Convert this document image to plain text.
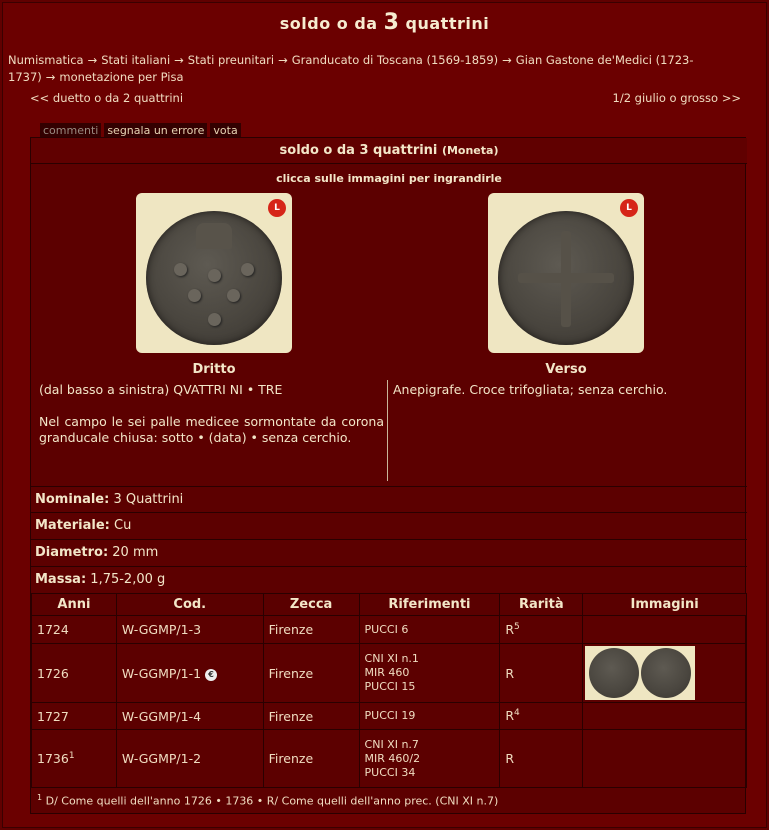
soldo o da 3 quattrini
Numismatica → Stati italiani → Stati preunitari → Granducato di Toscana (1569-1859) → Gian Gastone de'Medici (1723-1737) → monetazione per Pisa
<< duetto o da 2 quattrini	1/2 giulio o grosso >>
commenti segnala un errore vota
soldo o da 3 quattrini (Moneta)
clicca sulle immagini per ingrandirle
L	L
Dritto	Verso

(dal basso a sinistra) QVATTRI NI • TRE

Nel campo le sei palle medicee sormontate da corona granducale chiusa: sotto • (data) • senza cerchio.

Anepigrafe. Croce trifogliata; senza cerchio.
Nominale: 3 Quattrini
Materiale: Cu
Diametro: 20 mm
Massa: 1,75-2,00 g
Anni	Cod.	Zecca	Riferimenti	Rarità	Immagini
1724	W-GGMP/1-3	Firenze	PUCCI 6	$R^5$	
1726	W-GGMP/1-1 €	Firenze	CNI XI n.1
MIR 460
PUCCI 15	R	
1727	W-GGMP/1-4	Firenze	PUCCI 19	$R^4$	
1736$^1$	W-GGMP/1-2	Firenze	CNI XI n.7
MIR 460/2
PUCCI 34	R	
$^1$ D/ Come quelli dell'anno 1726 • 1736 • R/ Come quelli dell'anno prec. (CNI XI n.7)
